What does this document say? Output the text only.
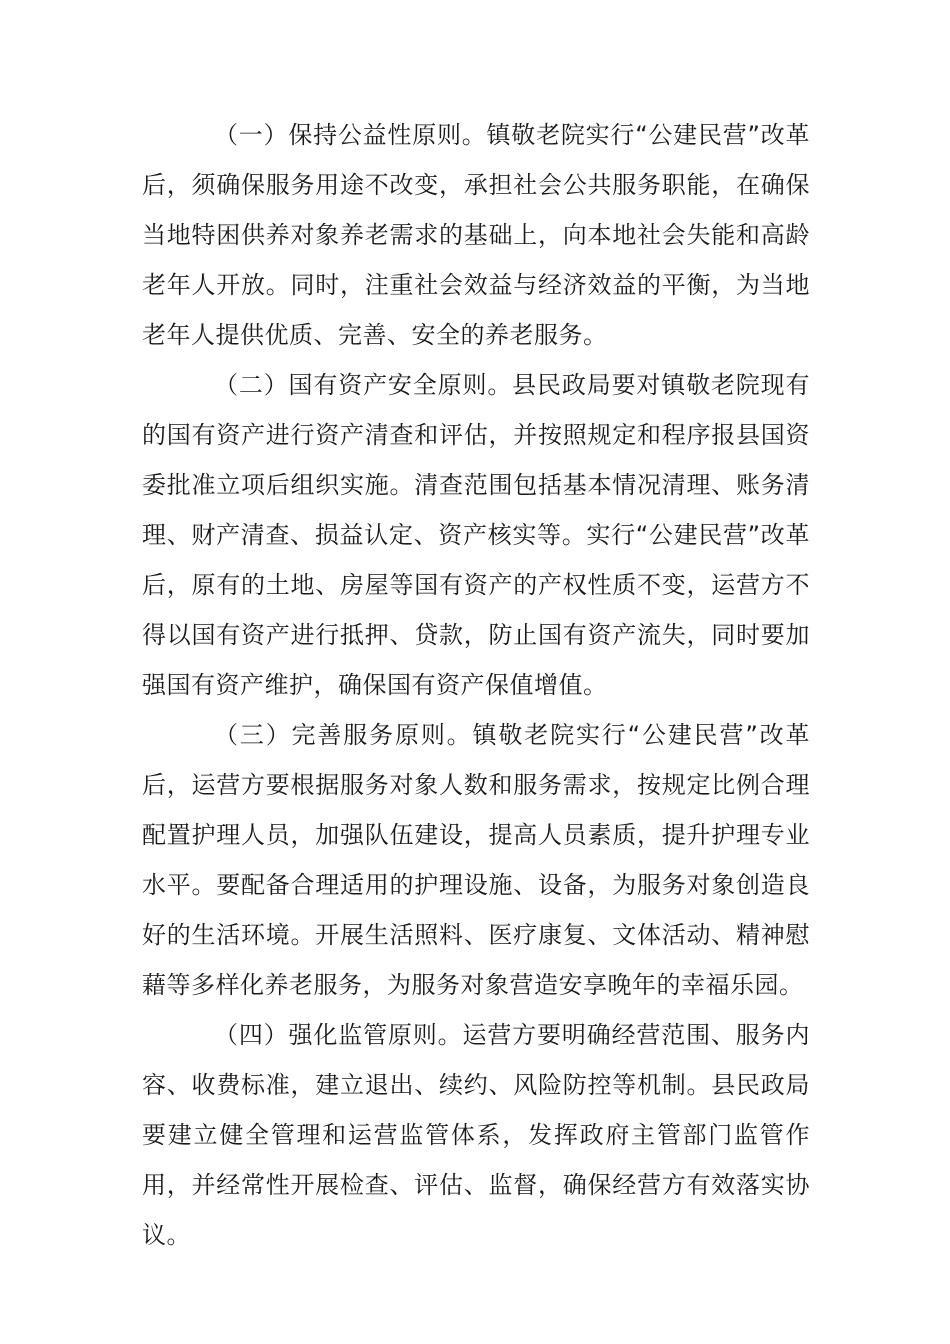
（一）保持公益性原则。镇敬老院实行“公建民营”改革后，须确保服务用途不改变，承担社会公共服务职能，在确保当地特困供养对象养老需求的基础上，向本地社会失能和高龄老年人开放。同时，注重社会效益与经济效益的平衡，为当地老年人提供优质、完善、安全的养老服务。

（二）国有资产安全原则。县民政局要对镇敬老院现有的国有资产进行资产清查和评估，并按照规定和程序报县国资委批准立项后组织实施。清查范围包括基本情况清理、账务清理、财产清查、损益认定、资产核实等。实行“公建民营”改革后，原有的土地、房屋等国有资产的产权性质不变，运营方不得以国有资产进行抵押、贷款，防止国有资产流失，同时要加强国有资产维护，确保国有资产保值增值。

（三）完善服务原则。镇敬老院实行“公建民营”改革后，运营方要根据服务对象人数和服务需求，按规定比例合理配置护理人员，加强队伍建设，提高人员素质，提升护理专业水平。要配备合理适用的护理设施、设备，为服务对象创造良好的生活环境。开展生活照料、医疗康复、文体活动、精神慰藉等多样化养老服务，为服务对象营造安享晚年的幸福乐园。

（四）强化监管原则。运营方要明确经营范围、服务内容、收费标准，建立退出、续约、风险防控等机制。县民政局要建立健全管理和运营监管体系，发挥政府主管部门监管作用，并经常性开展检查、评估、监督，确保经营方有效落实协议。
